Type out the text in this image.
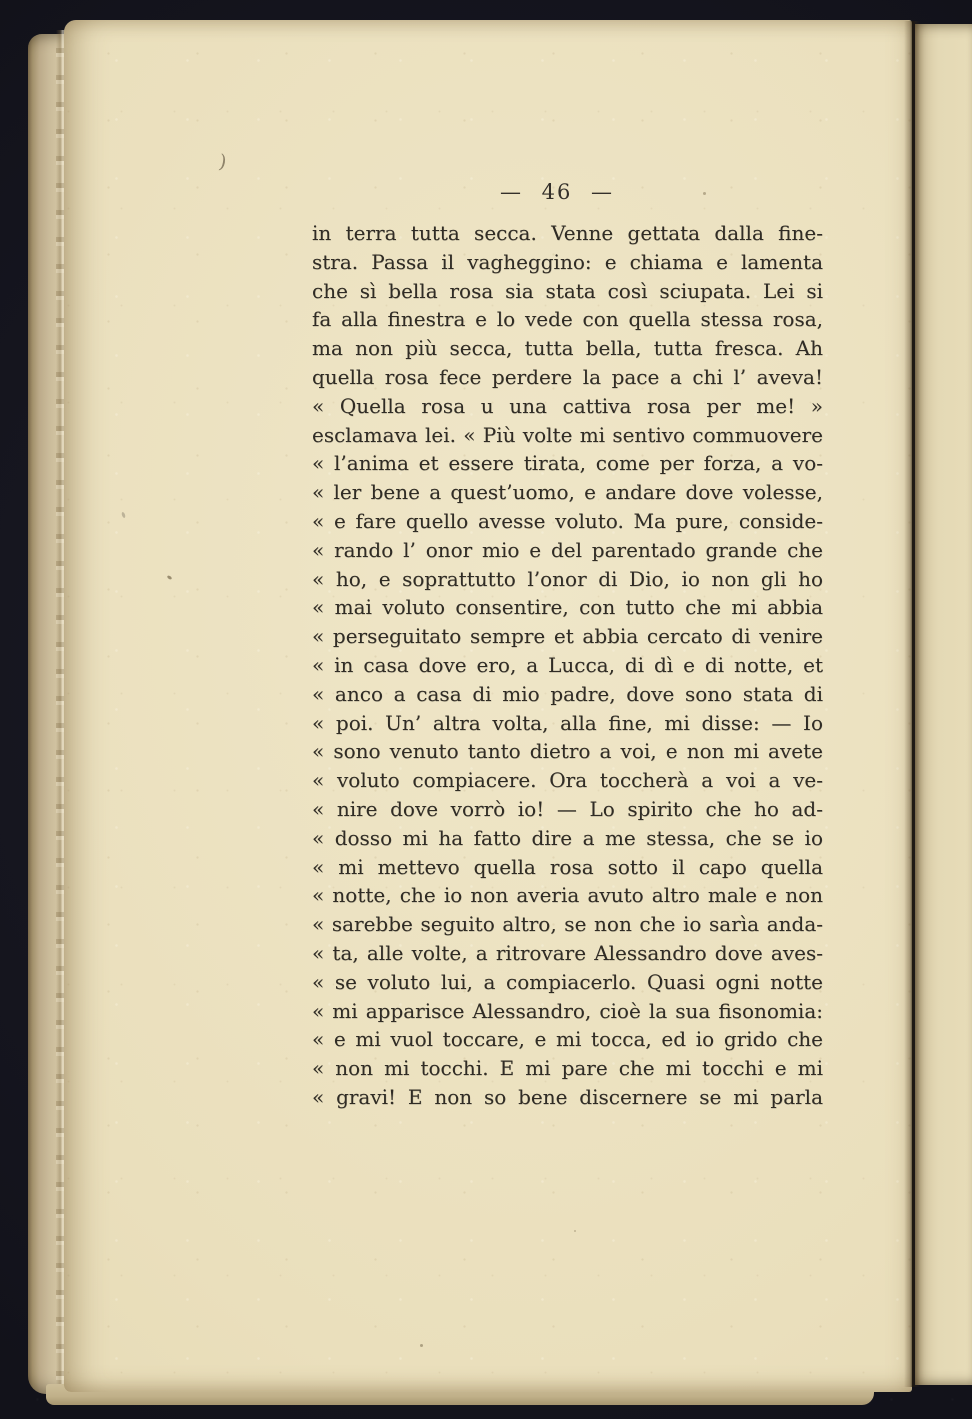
)
— 46 —
in terra tutta secca. Venne gettata dalla fine-
stra. Passa il vagheggino: e chiama e lamenta
che sì bella rosa sia stata così sciupata. Lei si
fa alla finestra e lo vede con quella stessa rosa,
ma non più secca, tutta bella, tutta fresca. Ah
quella rosa fece perdere la pace a chi l’ aveva!
« Quella rosa u una cattiva rosa per me! »
esclamava lei. « Più volte mi sentivo commuovere
« l’anima et essere tirata, come per forza, a vo-
« ler bene a quest’uomo, e andare dove volesse,
« e fare quello avesse voluto. Ma pure, conside-
« rando l’ onor mio e del parentado grande che
« ho, e soprattutto l’onor di Dio, io non gli ho
« mai voluto consentire, con tutto che mi abbia
« perseguitato sempre et abbia cercato di venire
« in casa dove ero, a Lucca, di dì e di notte, et
« anco a casa di mio padre, dove sono stata di
« poi. Un’ altra volta, alla fine, mi disse: — Io
« sono venuto tanto dietro a voi, e non mi avete
« voluto compiacere. Ora toccherà a voi a ve-
« nire dove vorrò io! — Lo spirito che ho ad-
« dosso mi ha fatto dire a me stessa, che se io
« mi mettevo quella rosa sotto il capo quella
« notte, che io non averia avuto altro male e non
« sarebbe seguito altro, se non che io sarìa anda-
« ta, alle volte, a ritrovare Alessandro dove aves-
« se voluto lui, a compiacerlo. Quasi ogni notte
« mi apparisce Alessandro, cioè la sua fisonomia:
« e mi vuol toccare, e mi tocca, ed io grido che
« non mi tocchi. E mi pare che mi tocchi e mi
« gravi! E non so bene discernere se mi parla
